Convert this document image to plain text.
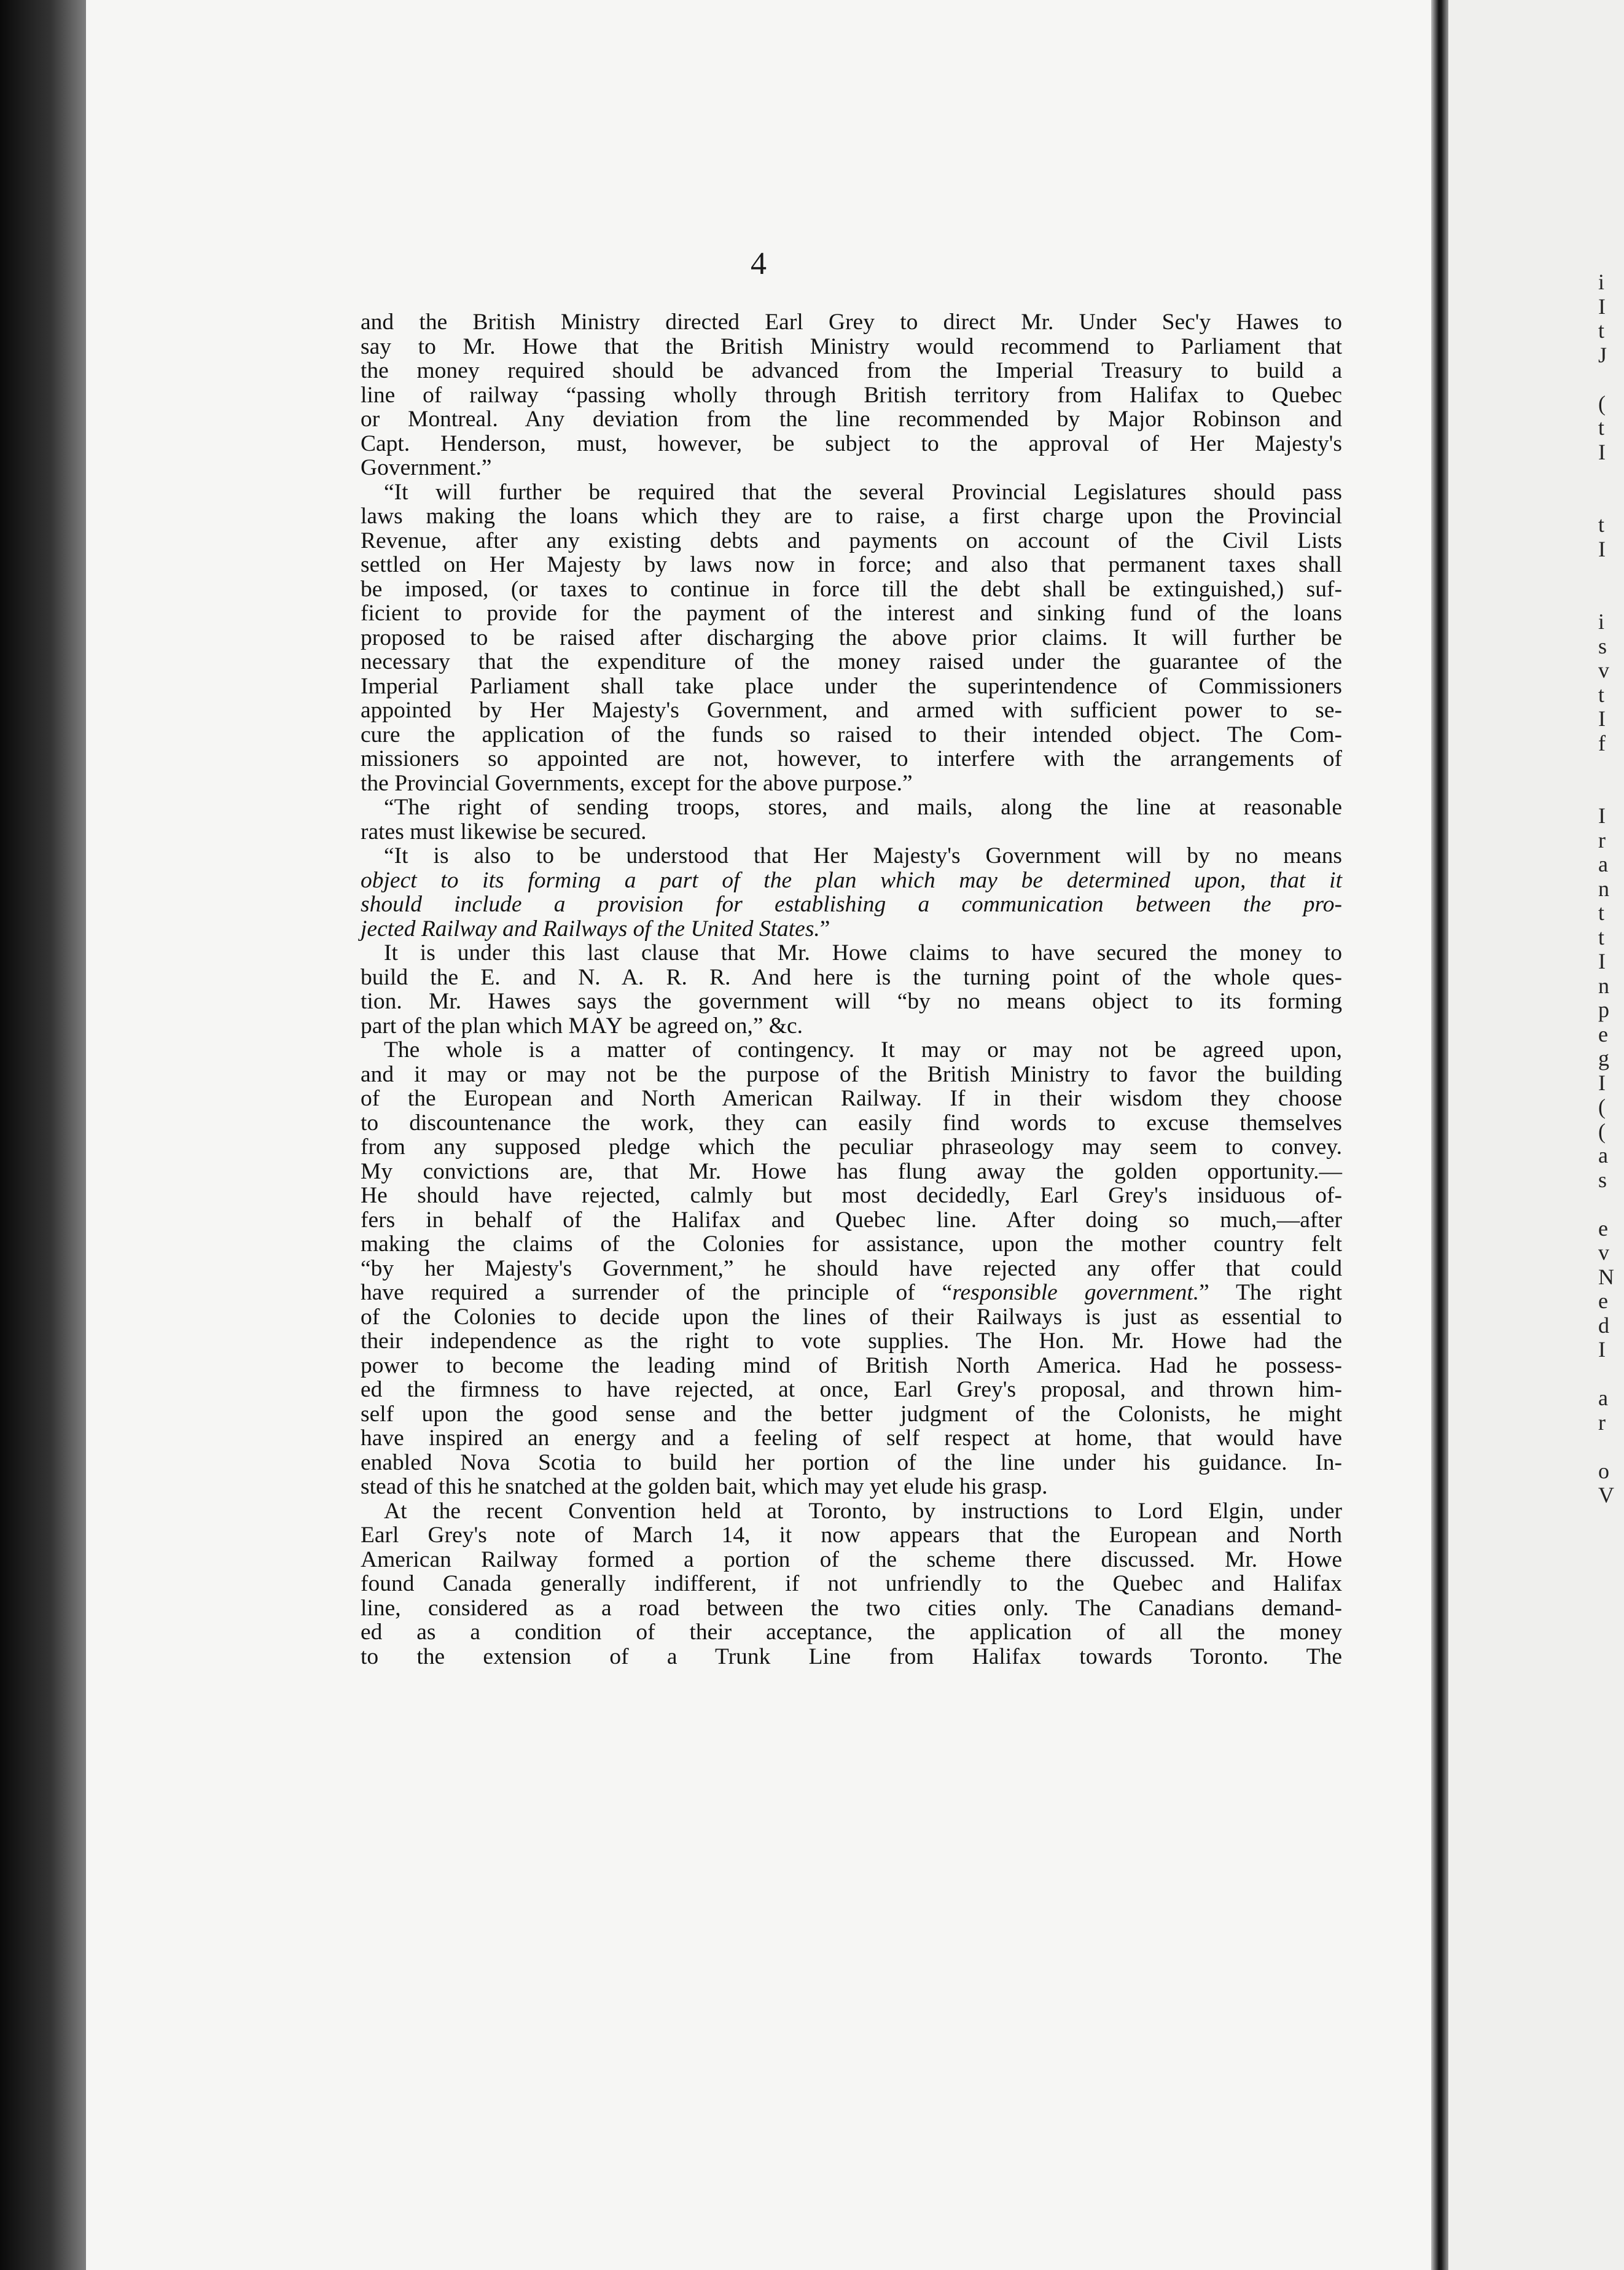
4
and the British Ministry directed Earl Grey to direct Mr. Under Sec'y Hawes to
say to Mr. Howe that the British Ministry would recommend to Parliament that
the money required should be advanced from the Imperial Treasury to build a
line of railway “passing wholly through British territory from Halifax to Quebec
or Montreal. Any deviation from the line recommended by Major Robinson and
Capt. Henderson, must, however, be subject to the approval of Her Majesty's
Government.”
“It will further be required that the several Provincial Legislatures should pass
laws making the loans which they are to raise, a first charge upon the Provincial
Revenue, after any existing debts and payments on account of the Civil Lists
settled on Her Majesty by laws now in force; and also that permanent taxes shall
be imposed, (or taxes to continue in force till the debt shall be extinguished,) suf-
ficient to provide for the payment of the interest and sinking fund of the loans
proposed to be raised after discharging the above prior claims. It will further be
necessary that the expenditure of the money raised under the guarantee of the
Imperial Parliament shall take place under the superintendence of Commissioners
appointed by Her Majesty's Government, and armed with sufficient power to se-
cure the application of the funds so raised to their intended object. The Com-
missioners so appointed are not, however, to interfere with the arrangements of
the Provincial Governments, except for the above purpose.”
“The right of sending troops, stores, and mails, along the line at reasonable
rates must likewise be secured.
“It is also to be understood that Her Majesty's Government will by no means
object to its forming a part of the plan which may be determined upon, that it
should include a provision for establishing a communication between the pro-
jected Railway and Railways of the United States.”
It is under this last clause that Mr. Howe claims to have secured the money to
build the E. and N. A. R. R. And here is the turning point of the whole ques-
tion. Mr. Hawes says the government will “by no means object to its forming
part of the plan which MAY be agreed on,” &c.
The whole is a matter of contingency. It may or may not be agreed upon,
and it may or may not be the purpose of the British Ministry to favor the building
of the European and North American Railway. If in their wisdom they choose
to discountenance the work, they can easily find words to excuse themselves
from any supposed pledge which the peculiar phraseology may seem to convey.
My convictions are, that Mr. Howe has flung away the golden opportunity.—
He should have rejected, calmly but most decidedly, Earl Grey's insiduous of-
fers in behalf of the Halifax and Quebec line. After doing so much,—after
making the claims of the Colonies for assistance, upon the mother country felt
“by her Majesty's Government,” he should have rejected any offer that could
have required a surrender of the principle of “responsible government.” The right
of the Colonies to decide upon the lines of their Railways is just as essential to
their independence as the right to vote supplies. The Hon. Mr. Howe had the
power to become the leading mind of British North America. Had he possess-
ed the firmness to have rejected, at once, Earl Grey's proposal, and thrown him-
self upon the good sense and the better judgment of the Colonists, he might
have inspired an energy and a feeling of self respect at home, that would have
enabled Nova Scotia to build her portion of the line under his guidance. In-
stead of this he snatched at the golden bait, which may yet elude his grasp.
At the recent Convention held at Toronto, by instructions to Lord Elgin, under
Earl Grey's note of March 14, it now appears that the European and North
American Railway formed a portion of the scheme there discussed. Mr. Howe
found Canada generally indifferent, if not unfriendly to the Quebec and Halifax
line, considered as a road between the two cities only. The Canadians demand-
ed as a condition of their acceptance, the application of all the money
to the extension of a Trunk Line from Halifax towards Toronto. The
i
I
t
J
(
t
I
t
I
i
s
v
t
I
f
I
r
a
n
t
t
I
n
p
e
g
I
(
(
a
s
e
v
N
e
d
I
a
r
o
V
